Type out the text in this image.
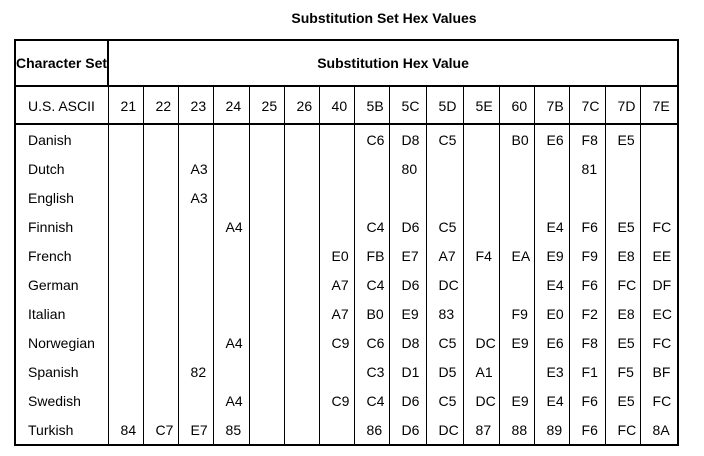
Substitution Set Hex Values
Character Set	Substitution Hex Value															
U.S. ASCII	21	22	23	24	25	26	40	5B	5C	5D	5E	60	7B	7C	7D	7E
Danish								C6	D8	C5		B0	E6	F8	E5	
Dutch			A3						80					81		
English			A3													
Finnish				A4				C4	D6	C5			E4	F6	E5	FC
French							E0	FB	E7	A7	F4	EA	E9	F9	E8	EE
German							A7	C4	D6	DC			E4	F6	FC	DF
Italian							A7	B0	E9	83		F9	E0	F2	E8	EC
Norwegian				A4			C9	C6	D8	C5	DC	E9	E6	F8	E5	FC
Spanish			82					C3	D1	D5	A1		E3	F1	F5	BF
Swedish				A4			C9	C4	D6	C5	DC	E9	E4	F6	E5	FC
Turkish	84	C7	E7	85				86	D6	DC	87	88	89	F6	FC	8A
